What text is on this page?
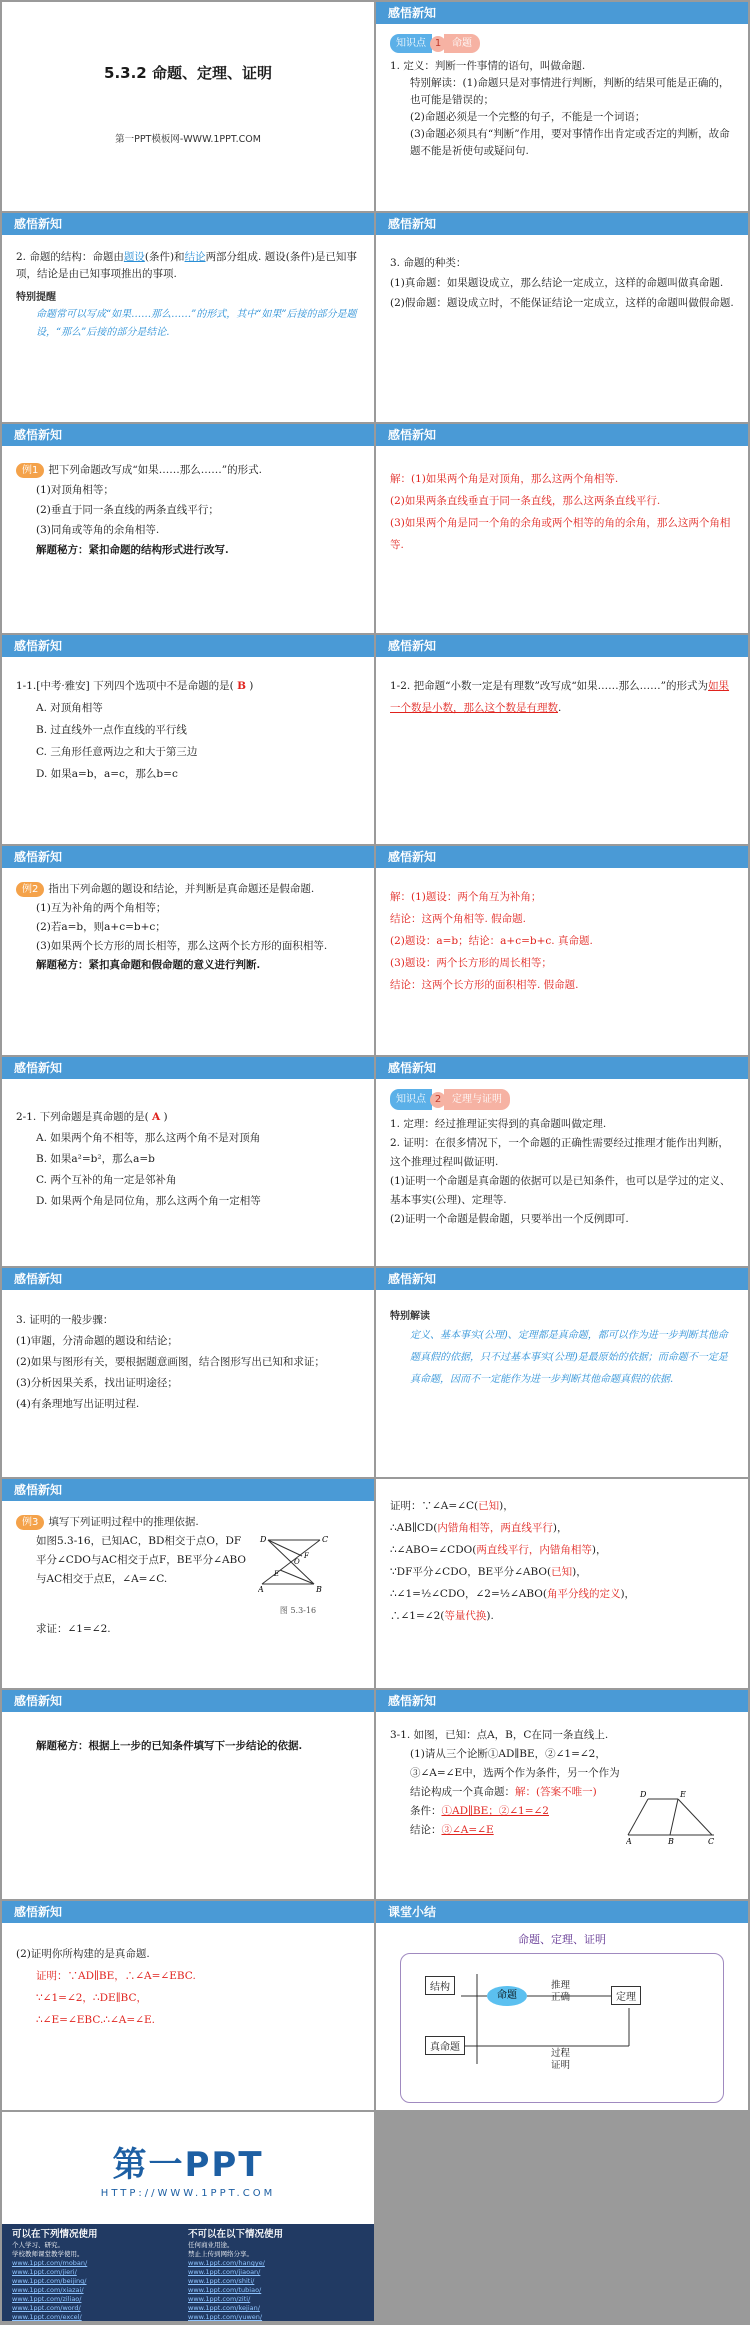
5.3.2 命题、定理、证明
第一PPT模板网-WWW.1PPT.COM
感悟新知
知识点 1	命题
1. 定义：判断一件事情的语句，叫做命题.
特别解读：(1)命题只是对事情进行判断，判断的结果可能是正确的，也可能是错误的；
(2)命题必须是一个完整的句子，不能是一个词语；
(3)命题必须具有“判断”作用，要对事情作出肯定或否定的判断，故命题不能是祈使句或疑问句.
感悟新知
2. 命题的结构：命题由题设(条件)和结论两部分组成. 题设(条件)是已知事项，结论是由已知事项推出的事项.
特别提醒
命题常可以写成“如果……那么……”的形式，其中“如果”后接的部分是题设，“那么”后接的部分是结论.
感悟新知
3. 命题的种类：
(1)真命题：如果题设成立，那么结论一定成立，这样的命题叫做真命题.
(2)假命题：题设成立时，不能保证结论一定成立，这样的命题叫做假命题.
感悟新知
例1 把下列命题改写成“如果……那么……”的形式.
(1)对顶角相等；
(2)垂直于同一条直线的两条直线平行；
(3)同角或等角的余角相等.
解题秘方：紧扣命题的结构形式进行改写.
感悟新知
解：(1)如果两个角是对顶角，那么这两个角相等.
(2)如果两条直线垂直于同一条直线，那么这两条直线平行.
(3)如果两个角是同一个角的余角或两个相等的角的余角，那么这两个角相等.
感悟新知
1-1.[中考·雅安] 下列四个选项中不是命题的是( B )
A. 对顶角相等
B. 过直线外一点作直线的平行线
C. 三角形任意两边之和大于第三边
D. 如果a=b，a=c，那么b=c
感悟新知
1-2. 把命题“小数一定是有理数”改写成“如果……那么……”的形式为如果一个数是小数，那么这个数是有理数.
感悟新知
例2 指出下列命题的题设和结论，并判断是真命题还是假命题.
(1)互为补角的两个角相等；
(2)若a=b，则a+c=b+c；
(3)如果两个长方形的周长相等，那么这两个长方形的面积相等.
解题秘方：紧扣真命题和假命题的意义进行判断.
感悟新知
解：(1)题设：两个角互为补角；
结论：这两个角相等. 假命题.
(2)题设：a=b；结论：a+c=b+c. 真命题.
(3)题设：两个长方形的周长相等；
结论：这两个长方形的面积相等. 假命题.
感悟新知
2-1. 下列命题是真命题的是( A )
A. 如果两个角不相等，那么这两个角不是对顶角
B. 如果a²=b²，那么a=b
C. 两个互补的角一定是邻补角
D. 如果两个角是同位角，那么这两个角一定相等
感悟新知
知识点 2	定理与证明
1. 定理：经过推理证实得到的真命题叫做定理.
2. 证明：在很多情况下，一个命题的正确性需要经过推理才能作出判断，这个推理过程叫做证明.
(1)证明一个命题是真命题的依据可以是已知条件，也可以是学过的定义、基本事实(公理)、定理等.
(2)证明一个命题是假命题，只要举出一个反例即可.
感悟新知
3. 证明的一般步骤：
(1)审题，分清命题的题设和结论；
(2)如果与图形有关，要根据题意画图，结合图形写出已知和求证；
(3)分析因果关系，找出证明途径；
(4)有条理地写出证明过程.
感悟新知
特别解读
定义、基本事实(公理)、定理都是真命题，都可以作为进一步判断其他命题真假的依据，只不过基本事实(公理)是最原始的依据；而命题不一定是真命题，因而不一定能作为进一步判断其他命题真假的依据.
感悟新知
例3 填写下列证明过程中的推理依据.
如图5.3-16，已知AC，BD相交于点O，DF平分∠CDO与AC相交于点F，BE平分∠ABO与AC相交于点E，∠A=∠C.
D	C
A	B
O
F
E
图 5.3-16
求证：∠1=∠2.
证明：∵∠A=∠C(已知)，
∴AB∥CD(内错角相等，两直线平行)，
∴∠ABO=∠CDO(两直线平行，内错角相等)，
∵DF平分∠CDO，BE平分∠ABO(已知)，
∴∠1=½∠CDO，∠2=½∠ABO(角平分线的定义)，
∴∠1=∠2(等量代换).
感悟新知
解题秘方：根据上一步的已知条件填写下一步结论的依据.
感悟新知
3-1. 如图，已知：点A，B，C在同一条直线上.
(1)请从三个论断①AD∥BE，②∠1=∠2，③∠A=∠E中，选两个作为条件，另一个作为结论构成一个真命题：解：(答案不唯一)
条件：①AD∥BE；②∠1=∠2
结论：③∠A=∠E
D	E
A	B	C
感悟新知
(2)证明你所构建的是真命题.
证明：∵AD∥BE，∴∠A=∠EBC.
∵∠1=∠2，∴DE∥BC，
∴∠E=∠EBC.∴∠A=∠E.
课堂小结
命题、定理、证明
结构
命题
真命题
推理
正确	定理
过程
证明
第一PPT
HTTP://WWW.1PPT.COM
可以在下列情况使用
个人学习、研究。
学校教师课堂教学使用。
www.1ppt.com/moban/
www.1ppt.com/jieri/
www.1ppt.com/beijing/
www.1ppt.com/xiazai/
www.1ppt.com/ziliao/
www.1ppt.com/word/
www.1ppt.com/excel/
不可以在以下情况使用
任何商业用途。
禁止上传到网络分享。
www.1ppt.com/hangye/
www.1ppt.com/jiaoan/
www.1ppt.com/shiti/
www.1ppt.com/tubiao/
www.1ppt.com/ziti/
www.1ppt.com/kejian/
www.1ppt.com/yuwen/
